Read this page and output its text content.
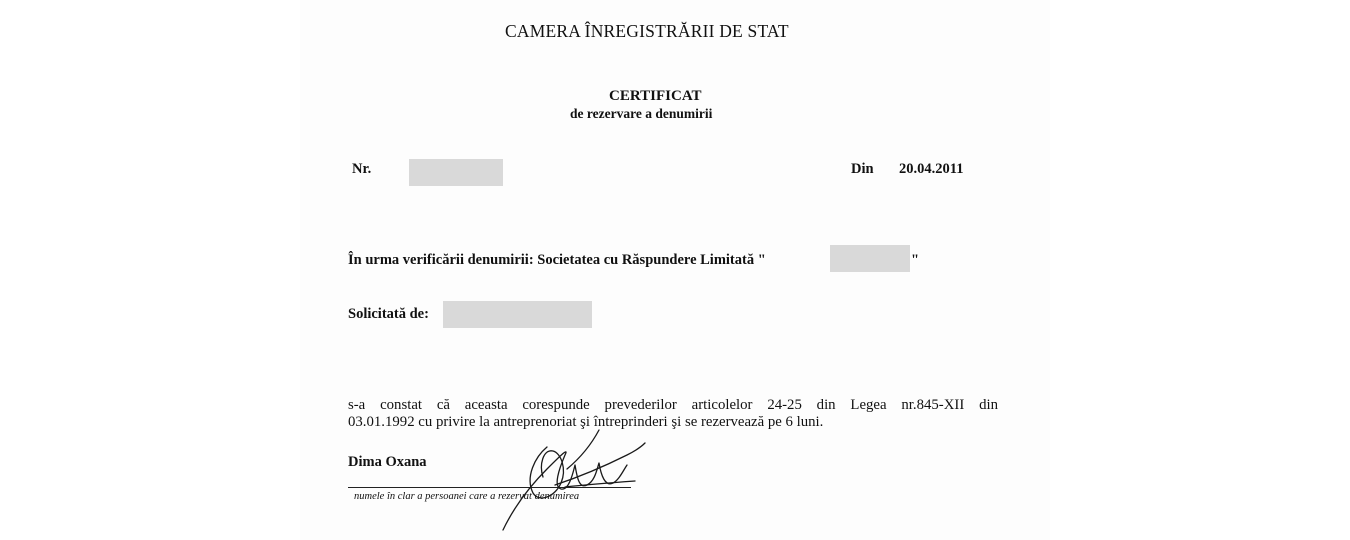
CAMERA ÎNREGISTRĂRII DE STAT
CERTIFICAT
de rezervare a denumirii
Nr.	Din 20.04.2011
În urma verificării denumirii: Societatea cu Răspundere Limitată "	"
Solicitată de:
s-a constat că aceasta corespunde prevederilor articolelor 24-25 din Legea nr.845-XII din
03.01.1992 cu privire la antreprenoriat şi întreprinderi şi se rezervează pe 6 luni.
Dima Oxana
numele în clar a persoanei care a rezervat denumirea
